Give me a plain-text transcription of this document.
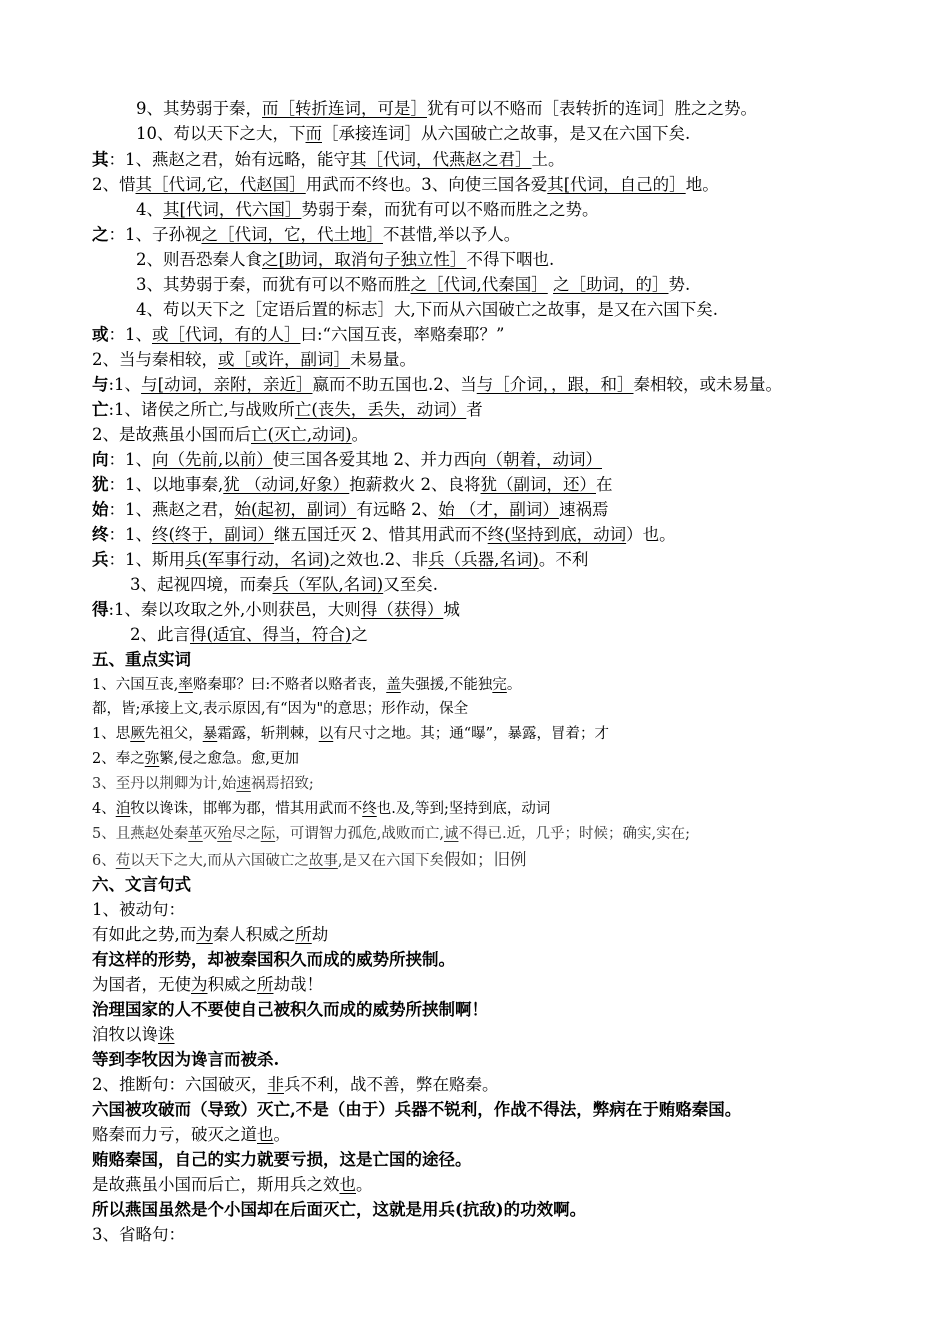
9、其势弱于秦，而［转折连词，可是］犹有可以不赂而［表转折的连词］胜之之势。
10、苟以天下之大，下而［承接连词］从六国破亡之故事，是又在六国下矣.
其：1、燕赵之君，始有远略，能守其［代词，代燕赵之君］土。
2、惜其［代词,它，代赵国］用武而不终也。3、向使三国各爱其[代词，自己的］地。
4、其[代词，代六国］势弱于秦，而犹有可以不赂而胜之之势。
之：1、子孙视之［代词，它，代土地］不甚惜,举以予人。
2、则吾恐秦人食之[助词，取消句子独立性］不得下咽也.
3、其势弱于秦，而犹有可以不赂而胜之［代词,代秦国］ 之［助词，的］势.
4、苟以天下之［定语后置的标志］大,下而从六国破亡之故事，是又在六国下矣.
或：1、或［代词，有的人］曰:“六国互丧，率赂秦耶？”
2、当与秦相较，或［或许，副词］未易量。
与:1、与[动词，亲附，亲近］嬴而不助五国也.2、当与［介词，，跟，和］秦相较，或未易量。
亡:1、诸侯之所亡,与战败所亡(丧失，丢失，动词）者
2、是故燕虽小国而后亡(灭亡,动词)。
向：1、向（先前,以前）使三国各爱其地 2、并力西向（朝着，动词）
犹：1、以地事秦,犹 （动词,好象）抱薪救火 2、良将犹（副词，还）在
始：1、燕赵之君，始(起初，副词）有远略 2、始 （才，副词）速祸焉
终：1、终(终于，副词）继五国迁灭 2、惜其用武而不终(坚持到底，动词）也。
兵：1、斯用兵(军事行动，名词)之效也.2、非兵（兵器,名词)。不利
3、起视四境，而秦兵（军队,名词)又至矣.
得:1、秦以攻取之外,小则获邑，大则得（获得）城
2、此言得(适宜、得当，符合)之
五、重点实词
1、六国互丧,率赂秦耶？曰:不赂者以赂者丧，盖失强援,不能独完。
都，皆;承接上文,表示原因,有“因为"的意思；形作动，保全
1、思厥先祖父，暴霜露，斩荆棘，以有尺寸之地。其；通“曝”，暴露，冒着；才
2、奉之弥繁,侵之愈急。愈,更加
3、至丹以荆卿为计,始速祸焉招致;
4、洎牧以谗诛，邯郸为郡，惜其用武而不终也.及,等到;坚持到底，动词
5、且燕赵处秦革灭殆尽之际，可谓智力孤危,战败而亡,诚不得已.近，几乎；时候；确实,实在;
6、苟以天下之大,而从六国破亡之故事,是又在六国下矣假如；旧例
六、文言句式
1、被动句：
有如此之势,而为秦人积威之所劫
有这样的形势，却被秦国积久而成的威势所挟制。
为国者，无使为积威之所劫哉！
治理国家的人不要使自己被积久而成的威势所挟制啊！
洎牧以谗诛
等到李牧因为谗言而被杀.
2、推断句：六国破灭，非兵不利，战不善，弊在赂秦。
六国被攻破而（导致）灭亡,不是（由于）兵器不锐利，作战不得法，弊病在于贿赂秦国。
赂秦而力亏，破灭之道也。
贿赂秦国，自己的实力就要亏损，这是亡国的途径。
是故燕虽小国而后亡，斯用兵之效也。
所以燕国虽然是个小国却在后面灭亡，这就是用兵(抗敌)的功效啊。
3、省略句：
